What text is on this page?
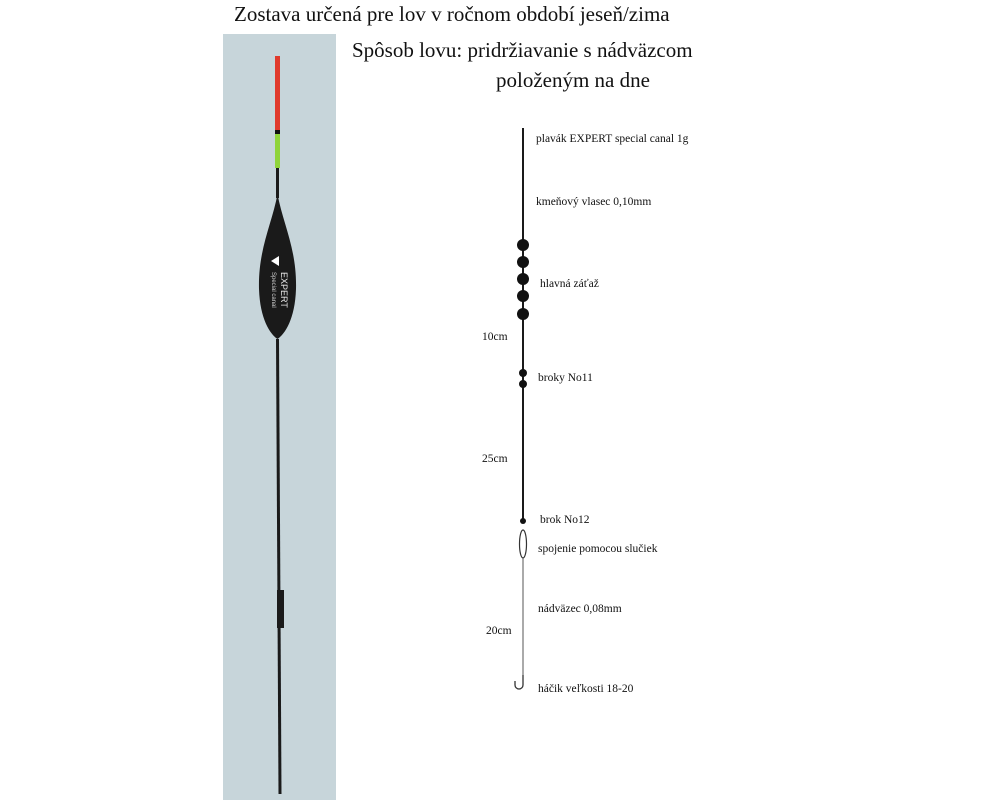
Zostava určená pre lov v ročnom období jeseň/zima
Spôsob lovu: pridržiavanie s nádväzcom
položeným na dne
EXPERT
Special canal
plavák EXPERT special canal 1g
kmeňový vlasec 0,10mm
hlavná záťaž
broky No11
brok No12
spojenie pomocou slučiek
nádväzec 0,08mm
háčik veľkosti 18-20
10cm
25cm
20cm
